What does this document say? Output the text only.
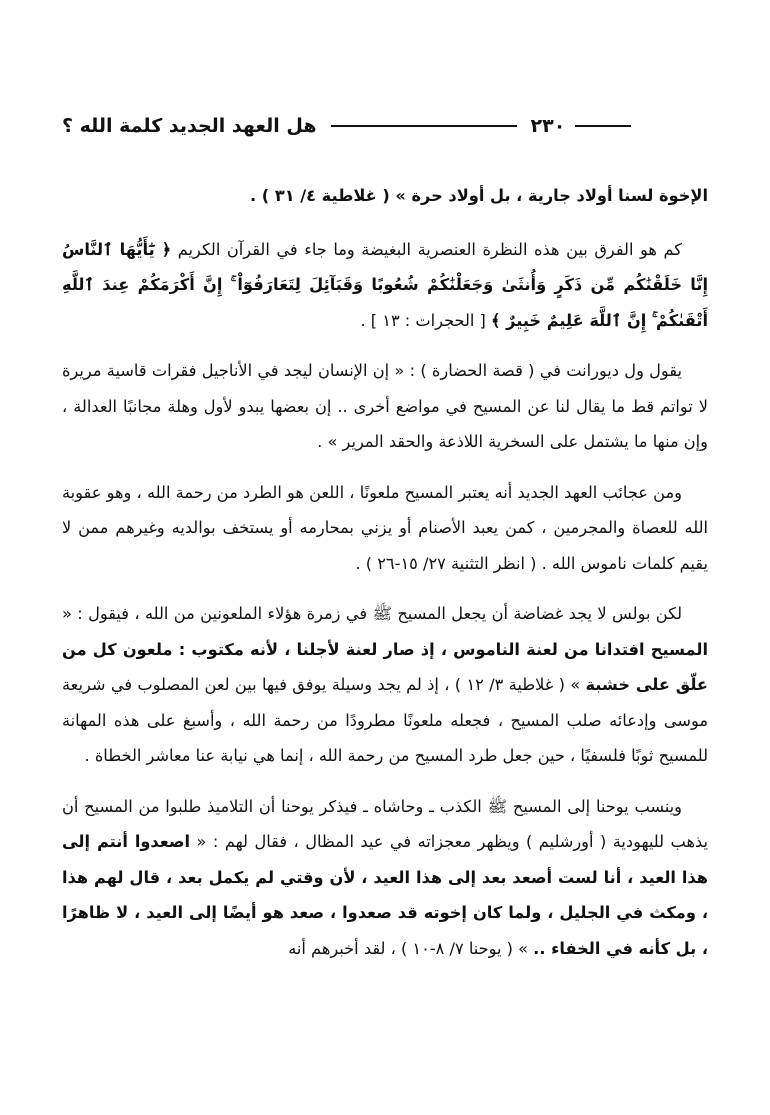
هل العهد الجديد كلمة الله ؟	٢٣٠

الإخوة لسنا أولاد جارية ، بل أولاد حرة » ( غلاطية ٤/ ٣١ ) .

كم هو الفرق بين هذه النظرة العنصرية البغيضة وما جاء في القرآن الكريم ﴿ يَٰٓأَيُّهَا ٱلنَّاسُ إِنَّا خَلَقْنَٰكُم مِّن ذَكَرٍ وَأُنثَىٰ وَجَعَلْنَٰكُمْ شُعُوبًا وَقَبَآئِلَ لِتَعَارَفُوٓاْ ۚ إِنَّ أَكْرَمَكُمْ عِندَ ٱللَّهِ أَتْقَىٰكُمْ ۚ إِنَّ ٱللَّهَ عَلِيمٌ خَبِيرٌ ﴾ [ الحجرات : ١٣ ] .

يقول ول ديورانت في ( قصة الحضارة ) : « إن الإنسان ليجد في الأناجيل فقرات قاسية مريرة لا تواتم قط ما يقال لنا عن المسيح في مواضع أخرى .. إن بعضها يبدو لأول وهلة مجانبًا العدالة ، وإن منها ما يشتمل على السخرية اللاذعة والحقد المرير » .

ومن عجائب العهد الجديد أنه يعتبر المسيح ملعونًا ، اللعن هو الطرد من رحمة الله ، وهو عقوبة الله للعصاة والمجرمين ، كمن يعبد الأصنام أو يزني بمحارمه أو يستخف بوالديه وغيرهم ممن لا يقيم كلمات ناموس الله . ( انظر التثنية ٢٧/ ١٥-٢٦ ) .

لكن بولس لا يجد غضاضة أن يجعل المسيح ﷺ في زمرة هؤلاء الملعونين من الله ، فيقول : « المسيح افتدانا من لعنة الناموس ، إذ صار لعنة لأجلنا ، لأنه مكتوب : ملعون كل من علّق على خشبة » ( غلاطية ٣/ ١٢ ) ، إذ لم يجد وسيلة يوفق فيها بين لعن المصلوب في شريعة موسى وإدعائه صلب المسيح ، فجعله ملعونًا مطرودًا من رحمة الله ، وأسبغ على هذه المهانة للمسيح ثوبًا فلسفيًا ، حين جعل طرد المسيح من رحمة الله ، إنما هي نيابة عنا معاشر الخطاة .

وينسب يوحنا إلى المسيح ﷺ الكذب ـ وحاشاه ـ فيذكر يوحنا أن التلاميذ طلبوا من المسيح أن يذهب لليهودية ( أورشليم ) ويظهر معجزاته في عيد المظال ، فقال لهم : « اصعدوا أنتم إلى هذا العيد ، أنا لست أصعد بعد إلى هذا العيد ، لأن وقتي لم يكمل بعد ، قال لهم هذا ، ومكث في الجليل ، ولما كان إخوته قد صعدوا ، صعد هو أيضًا إلى العيد ، لا ظاهرًا ، بل كأنه في الخفاء .. » ( يوحنا ٧/ ٨-١٠ ) ، لقد أخبرهم أنه
